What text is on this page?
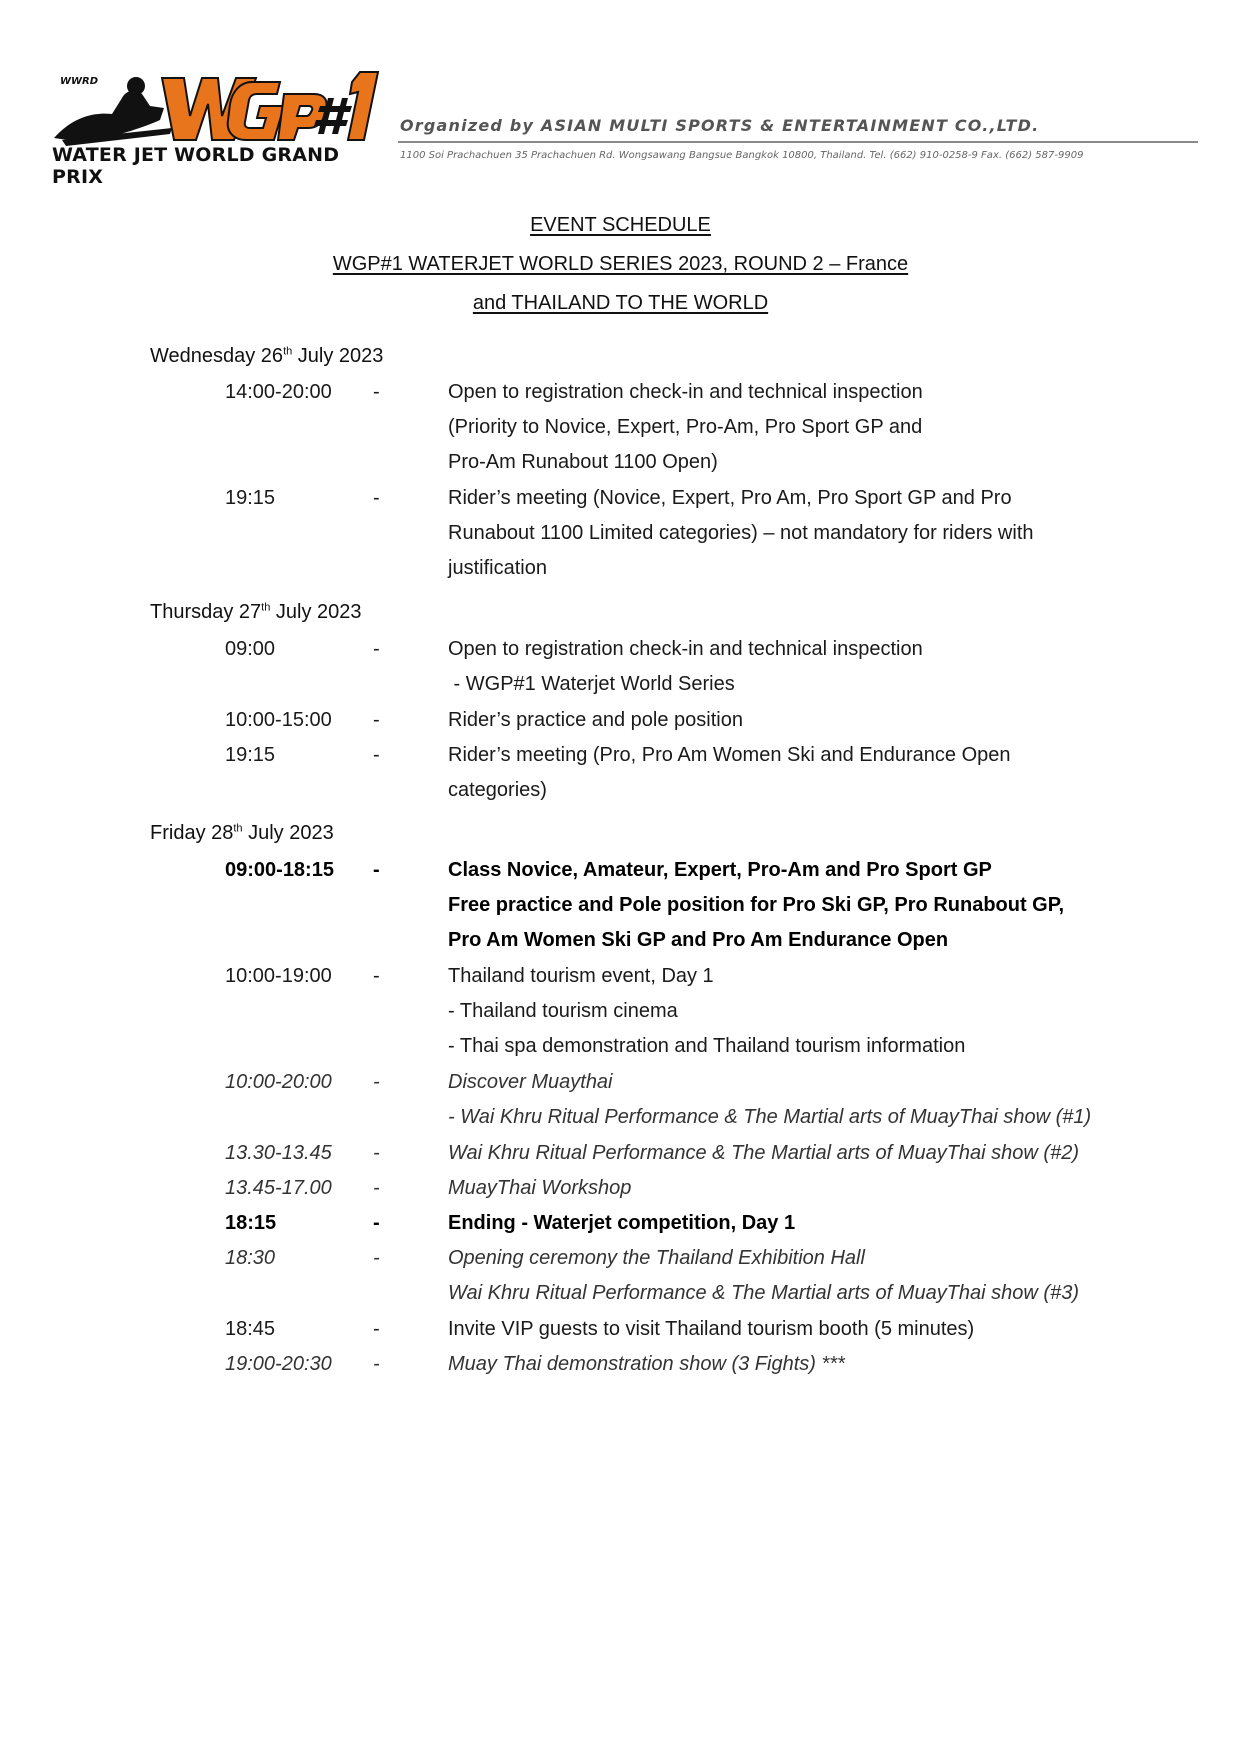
WWRD
WATER JET WORLD GRAND PRIX
Organized by ASIAN MULTI SPORTS & ENTERTAINMENT CO.,LTD.
1100 Soi Prachachuen 35 Prachachuen Rd. Wongsawang Bangsue Bangkok 10800, Thailand. Tel. (662) 910-0258-9 Fax. (662) 587-9909
EVENT SCHEDULE
WGP#1 WATERJET WORLD SERIES 2023, ROUND 2 – France
and THAILAND TO THE WORLD
Wednesday 26th July 2023
14:00-20:00 -	Open to registration check-in and technical inspection
(Priority to Novice, Expert, Pro-Am, Pro Sport GP and
Pro-Am Runabout 1100 Open)
19:15	-	Rider’s meeting (Novice, Expert, Pro Am, Pro Sport GP and Pro
Runabout 1100 Limited categories) – not mandatory for riders with
justification
Thursday 27th July 2023
09:00	-	Open to registration check-in and technical inspection
- WGP#1 Waterjet World Series
10:00-15:00 -	Rider’s practice and pole position
19:15	-	Rider’s meeting (Pro, Pro Am Women Ski and Endurance Open
categories)
Friday 28th July 2023
09:00-18:15 -	Class Novice, Amateur, Expert, Pro-Am and Pro Sport GP
Free practice and Pole position for Pro Ski GP, Pro Runabout GP,
Pro Am Women Ski GP and Pro Am Endurance Open
10:00-19:00 -	Thailand tourism event, Day 1
- Thailand tourism cinema
- Thai spa demonstration and Thailand tourism information
10:00-20:00 -	Discover Muaythai
- Wai Khru Ritual Performance & The Martial arts of MuayThai show (#1)
13.30-13.45 -	Wai Khru Ritual Performance & The Martial arts of MuayThai show (#2)
13.45-17.00 -	MuayThai Workshop
18:15	-	Ending - Waterjet competition, Day 1
18:30	-	Opening ceremony the Thailand Exhibition Hall
Wai Khru Ritual Performance & The Martial arts of MuayThai show (#3)
18:45	-	Invite VIP guests to visit Thailand tourism booth (5 minutes)
19:00-20:30 -	Muay Thai demonstration show (3 Fights) ***
